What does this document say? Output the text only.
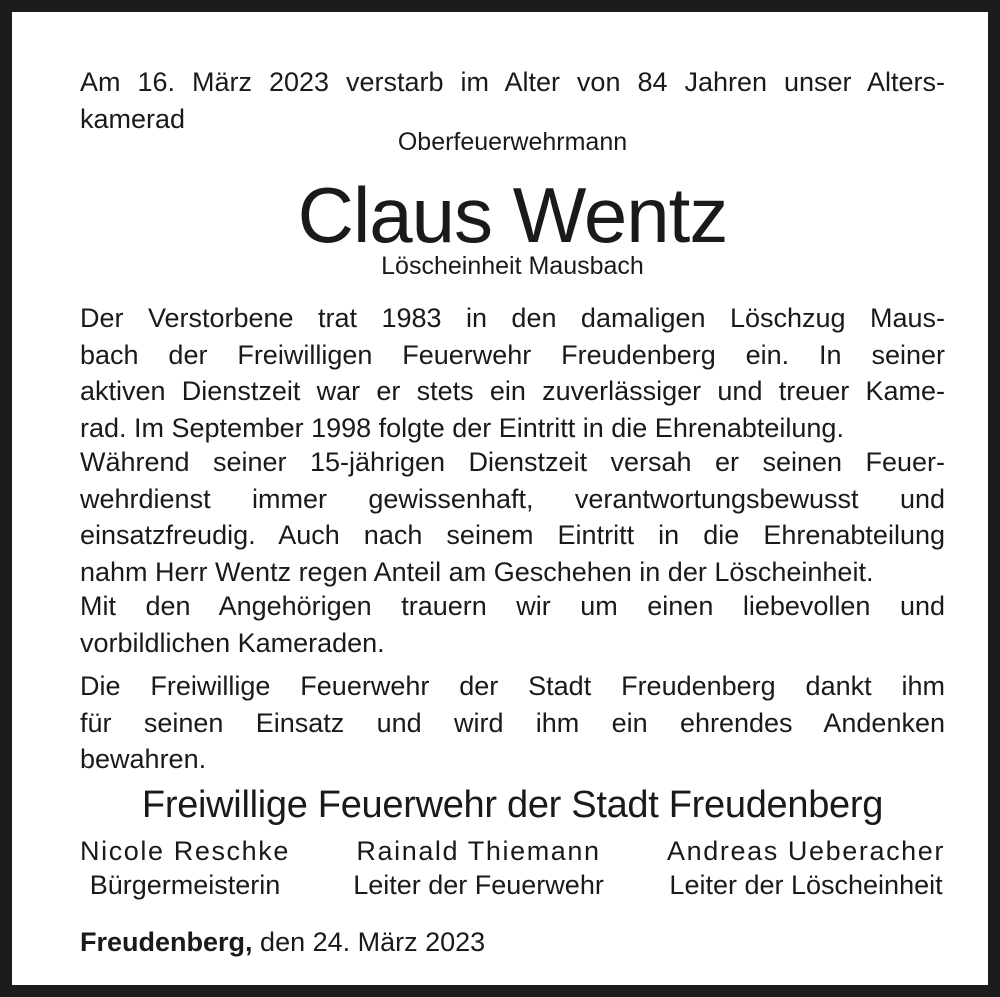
Am 16. März 2023 verstarb im Alter von 84 Jahren unser Alters-
kamerad
Oberfeuerwehrmann
Claus Wentz
Löscheinheit Mausbach
Der Verstorbene trat 1983 in den damaligen Löschzug Maus-
bach der Freiwilligen Feuerwehr Freudenberg ein. In seiner
aktiven Dienstzeit war er stets ein zuverlässiger und treuer Kame-
rad. Im September 1998 folgte der Eintritt in die Ehrenabteilung.
Während seiner 15-jährigen Dienstzeit versah er seinen Feuer-
wehrdienst immer gewissenhaft, verantwortungsbewusst und
einsatzfreudig. Auch nach seinem Eintritt in die Ehrenabteilung
nahm Herr Wentz regen Anteil am Geschehen in der Löscheinheit.
Mit den Angehörigen trauern wir um einen liebevollen und
vorbildlichen Kameraden.
Die Freiwillige Feuerwehr der Stadt Freudenberg dankt ihm
für seinen Einsatz und wird ihm ein ehrendes Andenken
bewahren.
Freiwillige Feuerwehr der Stadt Freudenberg
Nicole Reschke
Bürgermeisterin
Rainald Thiemann
Leiter der Feuerwehr
Andreas Ueberacher
Leiter der Löscheinheit
Freudenberg, den 24. März 2023
